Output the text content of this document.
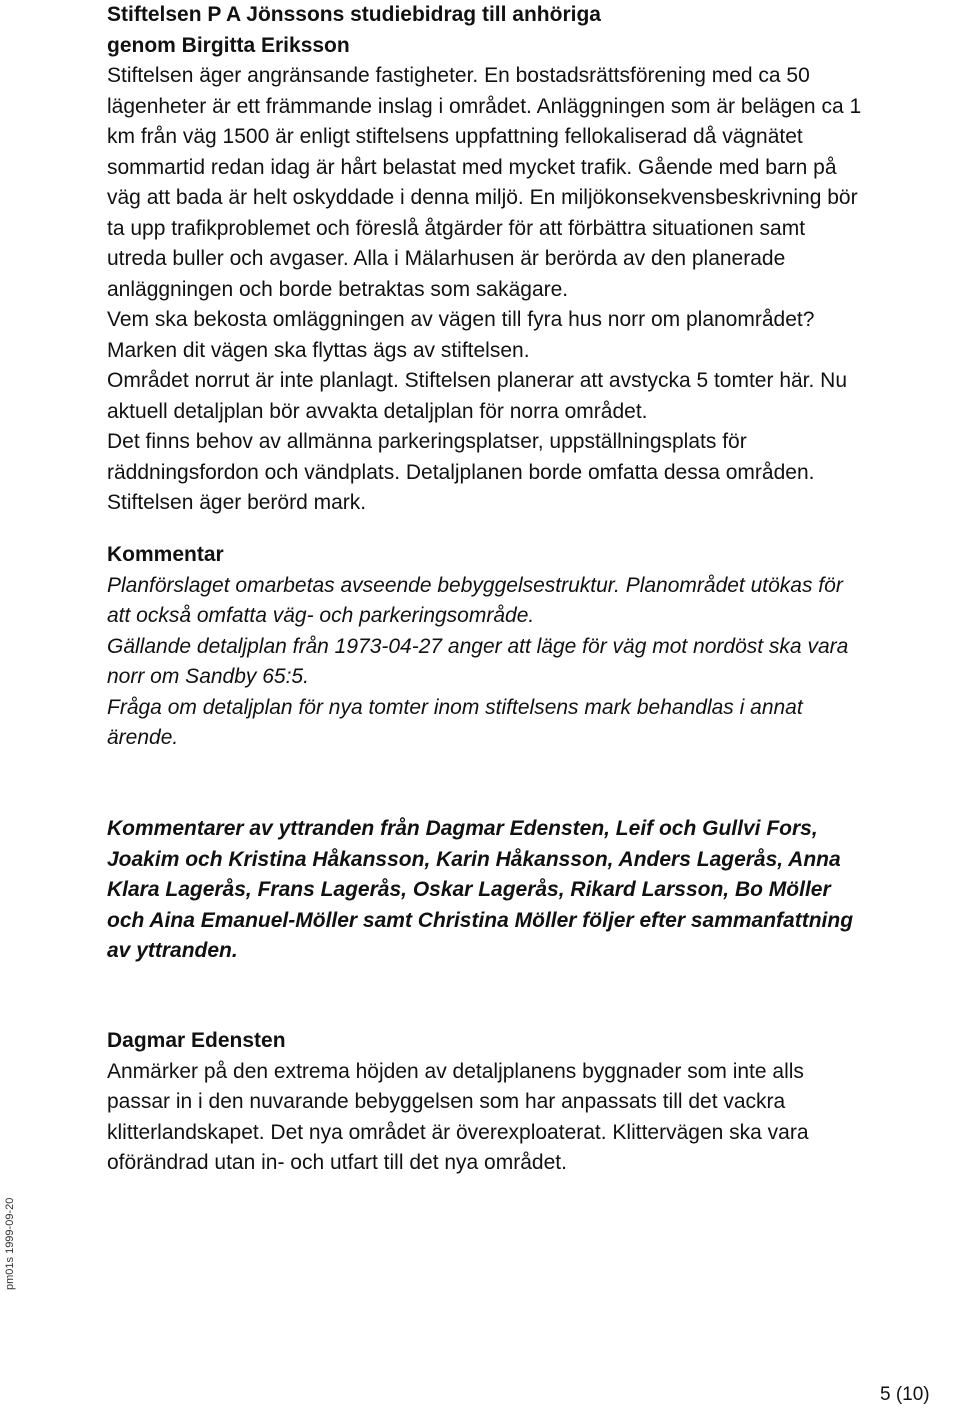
Stiftelsen P A Jönssons studiebidrag till anhöriga
genom Birgitta Eriksson
Stiftelsen äger angränsande fastigheter. En bostadsrättsförening med ca 50
lägenheter är ett främmande inslag i området. Anläggningen som är belägen ca 1
km från väg 1500 är enligt stiftelsens uppfattning fellokaliserad då vägnätet
sommartid redan idag är hårt belastat med mycket trafik. Gående med barn på
väg att bada är helt oskyddade i denna miljö. En miljökonsekvensbeskrivning bör
ta upp trafikproblemet och föreslå åtgärder för att förbättra situationen samt
utreda buller och avgaser. Alla i Mälarhusen är berörda av den planerade
anläggningen och borde betraktas som sakägare.
Vem ska bekosta omläggningen av vägen till fyra hus norr om planområdet?
Marken dit vägen ska flyttas ägs av stiftelsen.
Området norrut är inte planlagt. Stiftelsen planerar att avstycka 5 tomter här. Nu
aktuell detaljplan bör avvakta detaljplan för norra området.
Det finns behov av allmänna parkeringsplatser, uppställningsplats för
räddningsfordon och vändplats. Detaljplanen borde omfatta dessa områden.
Stiftelsen äger berörd mark.
Kommentar
Planförslaget omarbetas avseende bebyggelsestruktur. Planområdet utökas för
att också omfatta väg- och parkeringsområde.
Gällande detaljplan från 1973-04-27 anger att läge för väg mot nordöst ska vara
norr om Sandby 65:5.
Fråga om detaljplan för nya tomter inom stiftelsens mark behandlas i annat
ärende.
Kommentarer av yttranden från Dagmar Edensten, Leif och Gullvi Fors,
Joakim och Kristina Håkansson, Karin Håkansson, Anders Lagerås, Anna
Klara Lagerås, Frans Lagerås, Oskar Lagerås, Rikard Larsson, Bo Möller
och Aina Emanuel-Möller samt Christina Möller följer efter sammanfattning
av yttranden.
Dagmar Edensten
Anmärker på den extrema höjden av detaljplanens byggnader som inte alls
passar in i den nuvarande bebyggelsen som har anpassats till det vackra
klitterlandskapet. Det nya området är överexploaterat. Klittervägen ska vara
oförändrad utan in- och utfart till det nya området.
pm01s 1999-09-20
5 (10)
